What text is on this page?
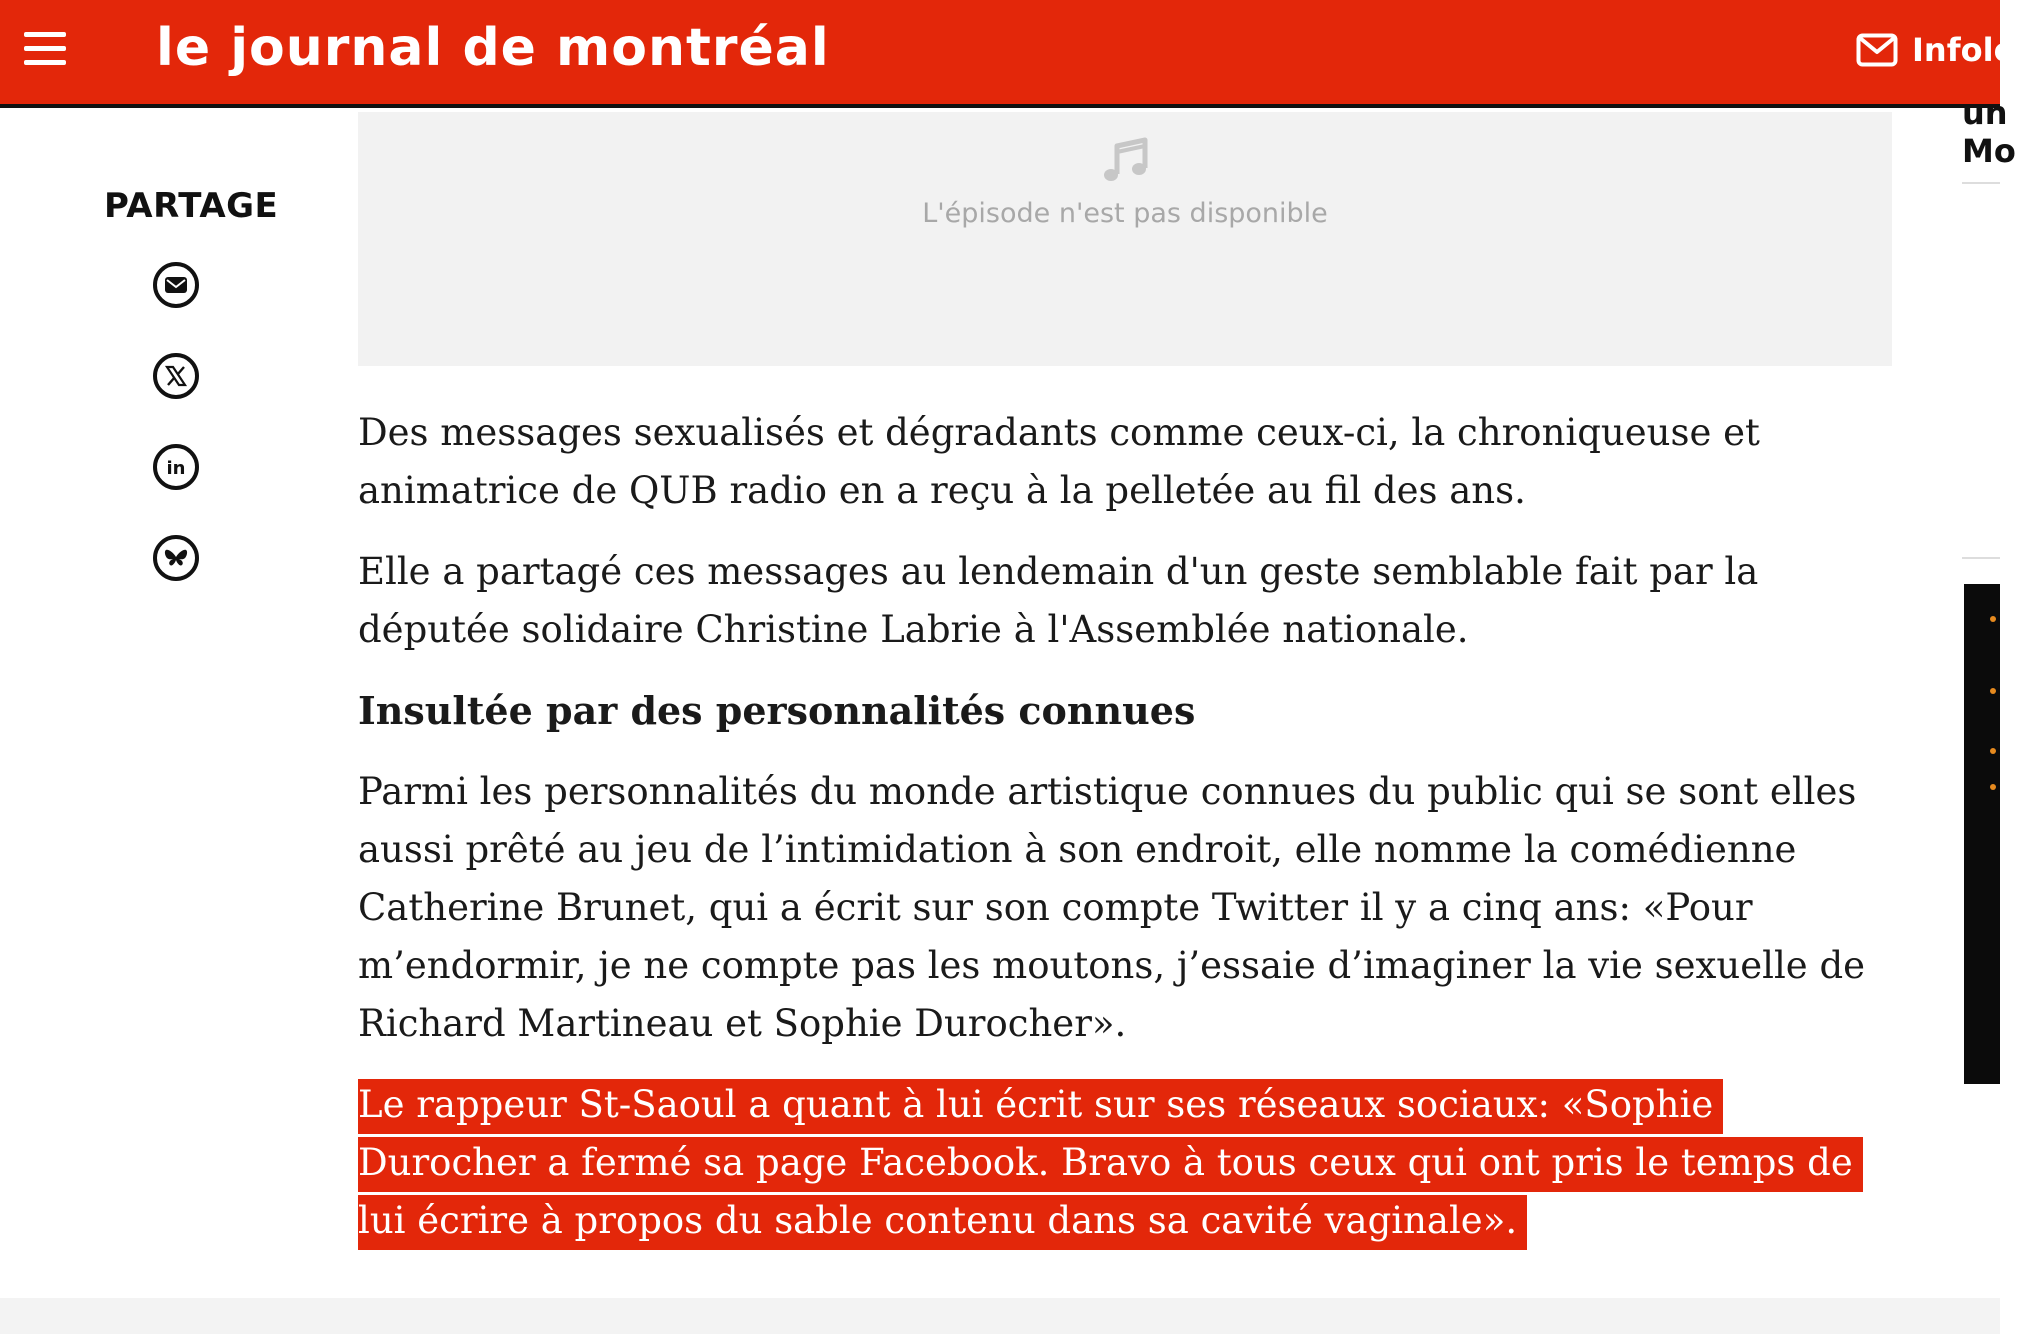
le journal de montréal	Infolet
PARTAGE
in
L'épisode n'est pas disponible

Des messages sexualisés et dégradants comme ceux-ci, la chroniqueuse et animatrice de QUB radio en a reçu à la pelletée au fil des ans.

Elle a partagé ces messages au lendemain d'un geste semblable fait par la députée solidaire Christine Labrie à l'Assemblée nationale.

Insultée par des personnalités connues

Parmi les personnalités du monde artistique connues du public qui se sont elles aussi prêté au jeu de l’intimidation à son endroit, elle nomme la comédienne Catherine Brunet, qui a écrit sur son compte Twitter il y a cinq ans: «Pour m’endormir, je ne compte pas les moutons, j’essaie d’imaginer la vie sexuelle de Richard Martineau et Sophie Durocher».

Le rappeur St-Saoul a quant à lui écrit sur ses réseaux sociaux: «Sophie Durocher a fermé sa page Facebook. Bravo à tous ceux qui ont pris le temps de lui écrire à propos du sable contenu dans sa cavité vaginale».

un
Mo
